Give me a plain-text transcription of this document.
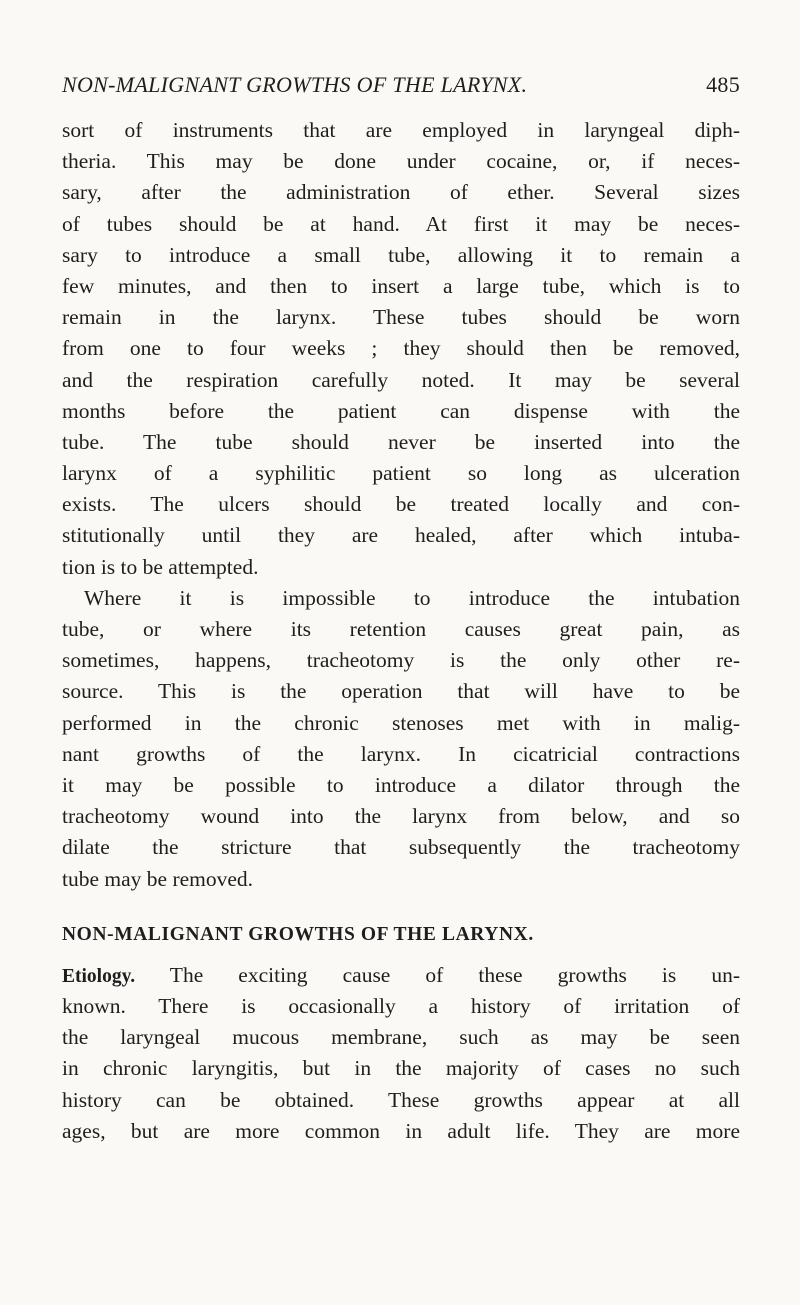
NON-MALIGNANT GROWTHS OF THE LARYNX.	485
sort of instruments that are employed in laryngeal diph-
theria. This may be done under cocaine, or, if neces-
sary, after the administration of ether. Several sizes
of tubes should be at hand. At first it may be neces-
sary to introduce a small tube, allowing it to remain a
few minutes, and then to insert a large tube, which is to
remain in the larynx. These tubes should be worn
from one to four weeks ; they should then be removed,
and the respiration carefully noted. It may be several
months before the patient can dispense with the
tube. The tube should never be inserted into the
larynx of a syphilitic patient so long as ulceration
exists. The ulcers should be treated locally and con-
stitutionally until they are healed, after which intuba-
tion is to be attempted.
Where it is impossible to introduce the intubation
tube, or where its retention causes great pain, as
sometimes, happens, tracheotomy is the only other re-
source. This is the operation that will have to be
performed in the chronic stenoses met with in malig-
nant growths of the larynx. In cicatricial contractions
it may be possible to introduce a dilator through the
tracheotomy wound into the larynx from below, and so
dilate the stricture that subsequently the tracheotomy
tube may be removed.
NON-MALIGNANT GROWTHS OF THE LARYNX.
Etiology. The exciting cause of these growths is un-
known. There is occasionally a history of irritation of
the laryngeal mucous membrane, such as may be seen
in chronic laryngitis, but in the majority of cases no such
history can be obtained. These growths appear at all
ages, but are more common in adult life. They are more
